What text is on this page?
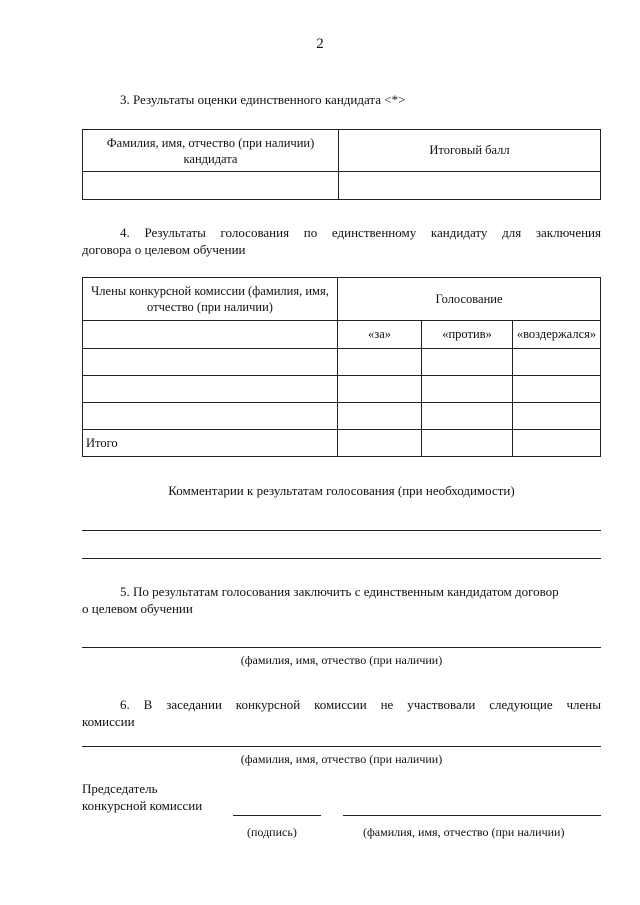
2
3. Результаты оценки единственного кандидата <*>
Фамилия, имя, отчество (при наличии) кандидата	Итоговый балл

4. Результаты голосования по единственному кандидату для заключения
договора о целевом обучении
Члены конкурсной комиссии (фамилия, имя, отчество (при наличии)	Голосование		
	«за»	«против»	«воздержался»

Итого			
Комментарии к результатам голосования (при необходимости)
5. По результатам голосования заключить с единственным кандидатом договор
о целевом обучении
(фамилия, имя, отчество (при наличии)
6. В заседании конкурсной комиссии не участвовали следующие члены
комиссии
(фамилия, имя, отчество (при наличии)
Председатель
конкурсной комиссии
(подпись)	(фамилия, имя, отчество (при наличии)
